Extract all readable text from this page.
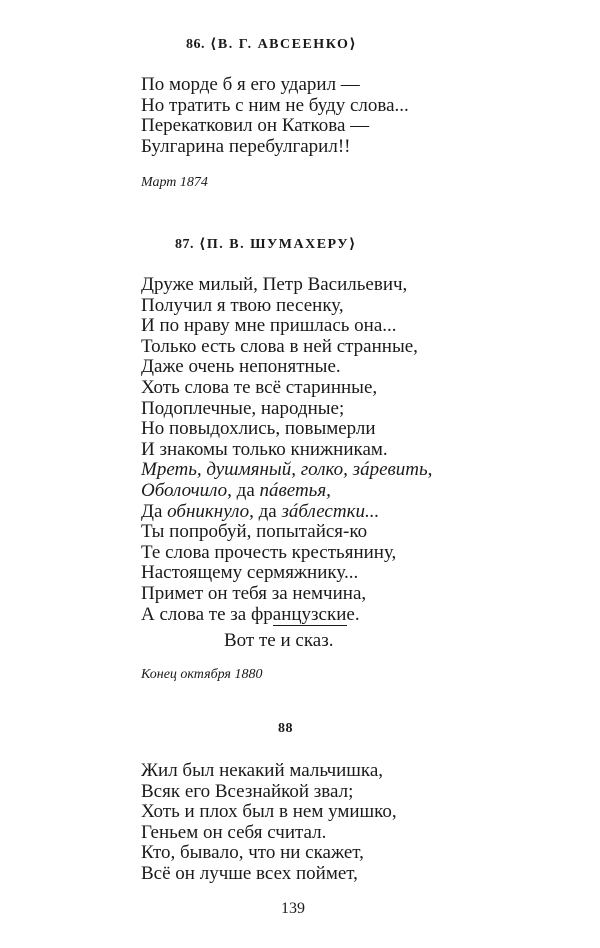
86. ⟨В. Г. АВСЕЕНКО⟩
По морде б я его ударил —
Но тратить с ним не буду слова...
Перекатковил он Каткова —
Булгарина перебулгарил!!
Март 1874
87. ⟨П. В. ШУМАХЕРУ⟩
Друже милый, Петр Васильевич,
Получил я твою песенку,
И по нраву мне пришлась она...
Только есть слова в ней странные,
Даже очень непонятные.
Хоть слова те всё старинные,
Подоплечные, народные;
Но повыдохлись, повымерли
И знакомы только книжникам.
Мреть, душмяный, голко, зáревить,
Оболочило, да пáветья,
Да обникнуло, да зáблестки...
Ты попробуй, попытайся-ко
Те слова прочесть крестьянину,
Настоящему сермяжнику...
Примет он тебя за немчина,
А слова те за французские.
Вот те и сказ.
Конец октября 1880
88
Жил был некакий мальчишка,
Всяк его Всезнайкой звал;
Хоть и плох был в нем умишко,
Геньем он себя считал.
Кто, бывало, что ни скажет,
Всё он лучше всех поймет,
139
